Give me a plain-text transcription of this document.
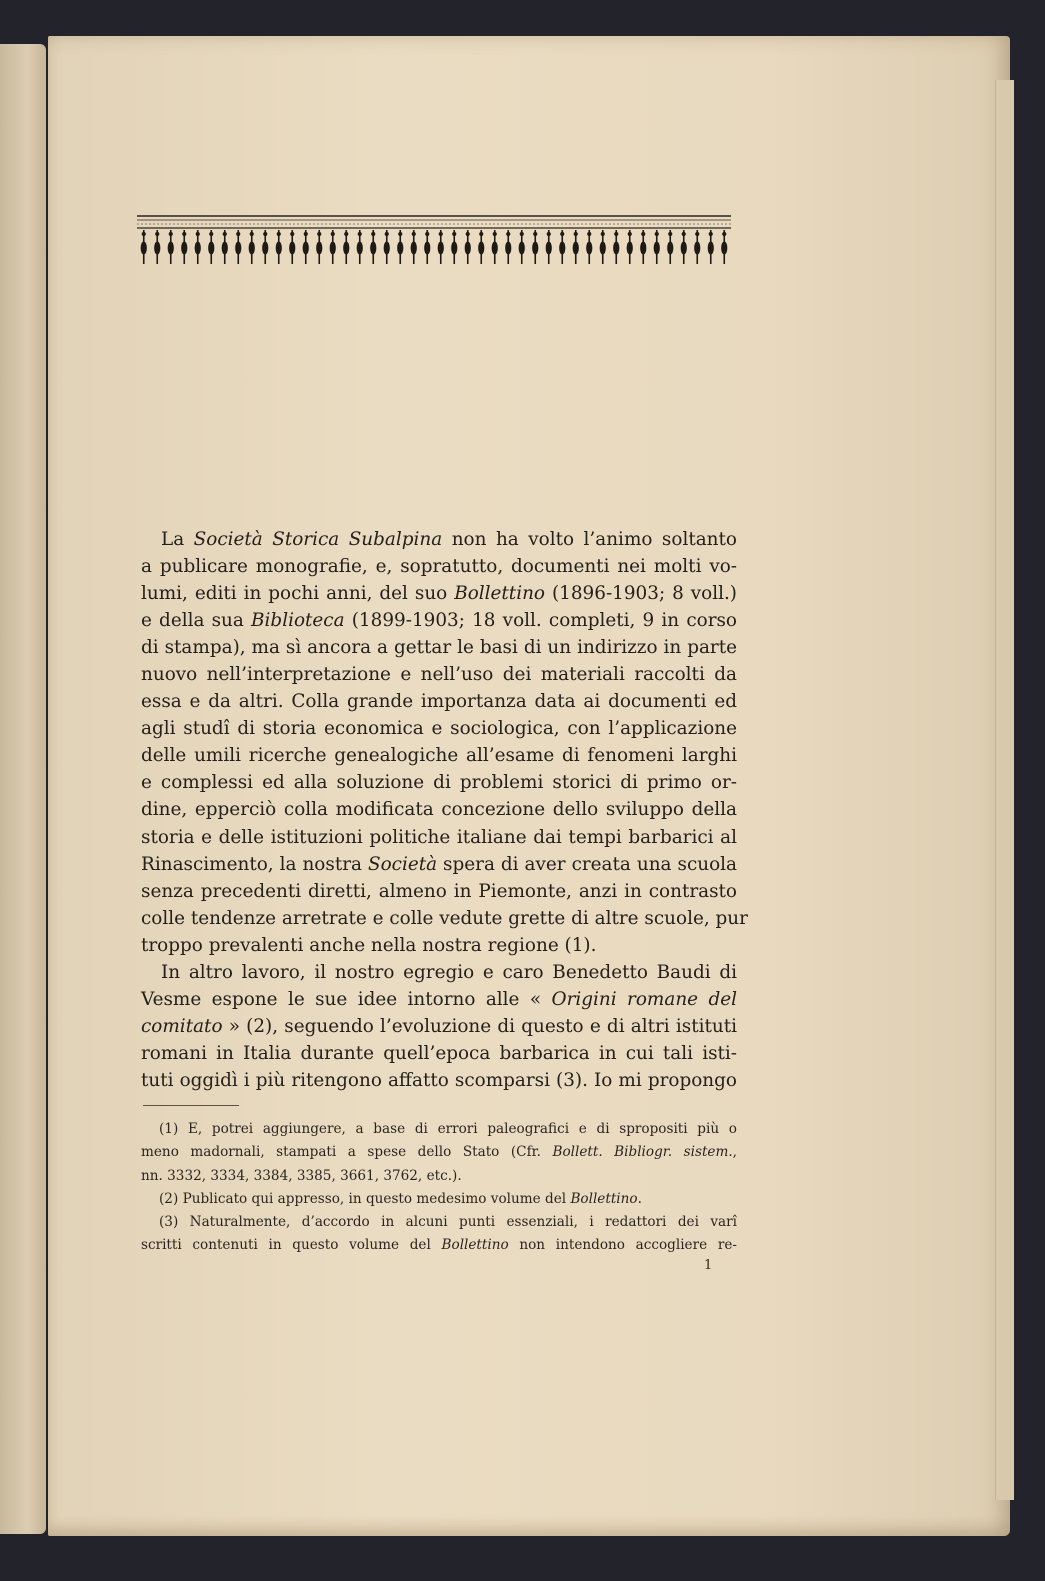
La Società Storica Subalpina non ha volto l’animo soltanto
a publicare monografie, e, sopratutto, documenti nei molti vo-
lumi, editi in pochi anni, del suo Bollettino (1896-1903; 8 voll.)
e della sua Biblioteca (1899-1903; 18 voll. completi, 9 in corso
di stampa), ma sì ancora a gettar le basi di un indirizzo in parte
nuovo nell’interpretazione e nell’uso dei materiali raccolti da
essa e da altri. Colla grande importanza data ai documenti ed
agli studî di storia economica e sociologica, con l’applicazione
delle umili ricerche genealogiche all’esame di fenomeni larghi
e complessi ed alla soluzione di problemi storici di primo or-
dine, epperciò colla modificata concezione dello sviluppo della
storia e delle istituzioni politiche italiane dai tempi barbarici al
Rinascimento, la nostra Società spera di aver creata una scuola
senza precedenti diretti, almeno in Piemonte, anzi in contrasto
colle tendenze arretrate e colle vedute grette di altre scuole, pur
troppo prevalenti anche nella nostra regione (1).
In altro lavoro, il nostro egregio e caro Benedetto Baudi di
Vesme espone le sue idee intorno alle « Origini romane del
comitato » (2), seguendo l’evoluzione di questo e di altri istituti
romani in Italia durante quell’epoca barbarica in cui tali isti-
tuti oggidì i più ritengono affatto scomparsi (3). Io mi propongo
(1) E, potrei aggiungere, a base di errori paleografici e di spropositi più o
meno madornali, stampati a spese dello Stato (Cfr. Bollett. Bibliogr. sistem.,
nn. 3332, 3334, 3384, 3385, 3661, 3762, etc.).
(2) Publicato qui appresso, in questo medesimo volume del Bollettino.
(3) Naturalmente, d’accordo in alcuni punti essenziali, i redattori dei varî
scritti contenuti in questo volume del Bollettino non intendono accogliere re-
1
